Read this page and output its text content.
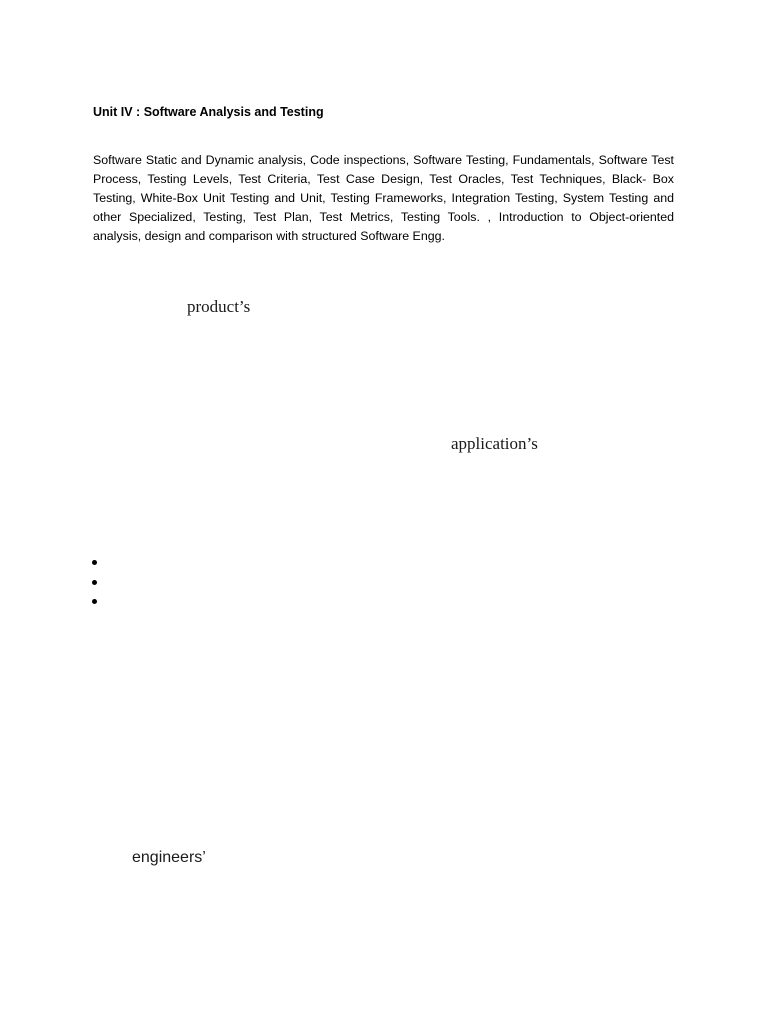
Unit IV : Software Analysis and Testing

Software Static and Dynamic analysis, Code inspections, Software Testing, Fundamentals, Software Test Process, Testing Levels, Test Criteria, Test Case Design, Test Oracles, Test Techniques, Black- Box Testing, White-Box Unit Testing and Unit, Testing Frameworks, Integration Testing, System Testing and other Specialized, Testing, Test Plan, Test Metrics, Testing Tools. , Introduction to Object-oriented analysis, design and comparison with structured Software Engg.

product’s
application’s
engineers’
